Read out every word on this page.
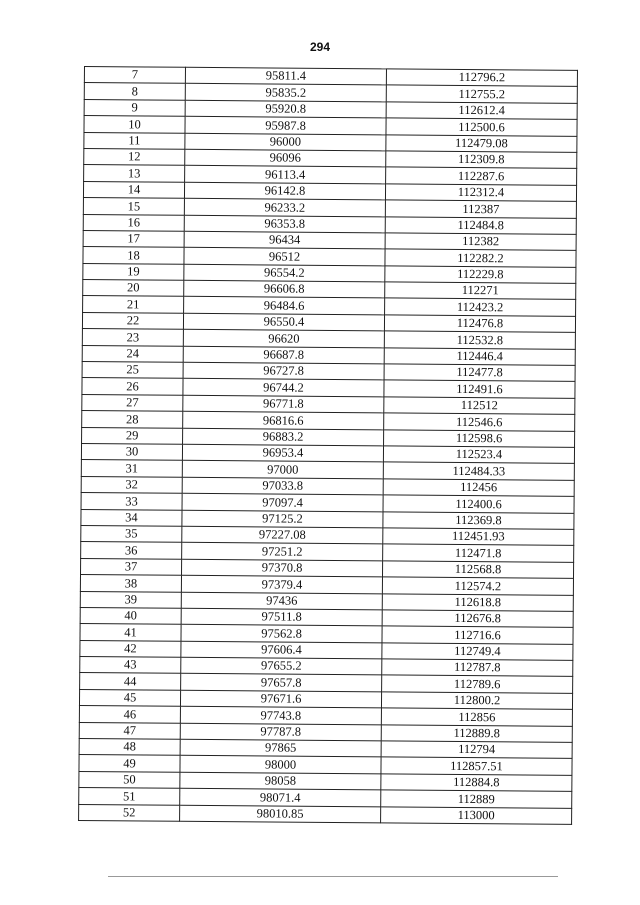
294
7	95811.4	112796.2
8	95835.2	112755.2
9	95920.8	112612.4
10	95987.8	112500.6
11	96000	112479.08
12	96096	112309.8
13	96113.4	112287.6
14	96142.8	112312.4
15	96233.2	112387
16	96353.8	112484.8
17	96434	112382
18	96512	112282.2
19	96554.2	112229.8
20	96606.8	112271
21	96484.6	112423.2
22	96550.4	112476.8
23	96620	112532.8
24	96687.8	112446.4
25	96727.8	112477.8
26	96744.2	112491.6
27	96771.8	112512
28	96816.6	112546.6
29	96883.2	112598.6
30	96953.4	112523.4
31	97000	112484.33
32	97033.8	112456
33	97097.4	112400.6
34	97125.2	112369.8
35	97227.08	112451.93
36	97251.2	112471.8
37	97370.8	112568.8
38	97379.4	112574.2
39	97436	112618.8
40	97511.8	112676.8
41	97562.8	112716.6
42	97606.4	112749.4
43	97655.2	112787.8
44	97657.8	112789.6
45	97671.6	112800.2
46	97743.8	112856
47	97787.8	112889.8
48	97865	112794
49	98000	112857.51
50	98058	112884.8
51	98071.4	112889
52	98010.85	113000
